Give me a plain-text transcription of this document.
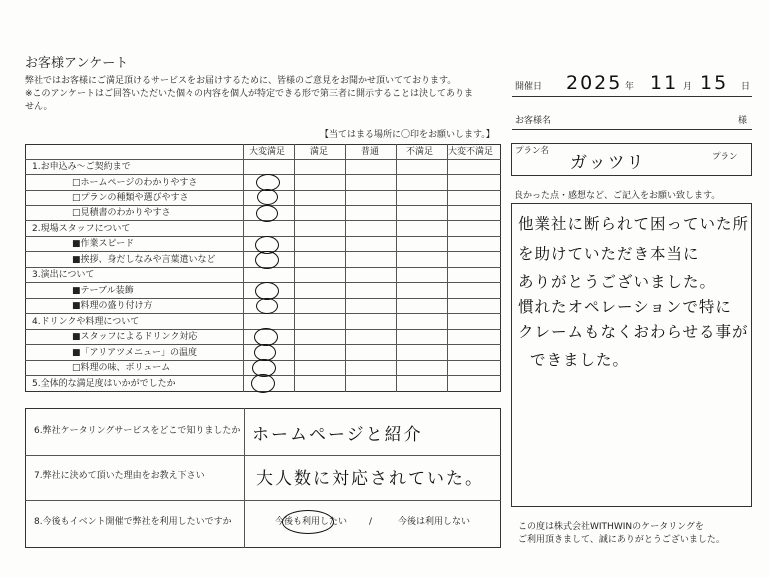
お客様アンケート
弊社ではお客様にご満足頂けるサービスをお届けするために、皆様のご意見をお聞かせ頂いてております。
※このアンケートはご回答いただいた個々の内容を個人が特定できる形で第三者に開示することは決してありま
せん。
【当てはまる場所に〇印をお願いします。】
大変満足	満足	普通	不満足 大変不満足
1.お申込み～ご契約まで
□ホームページのわかりやすさ
□プランの種類や選びやすさ
□見積書のわかりやすさ
2.現場スタッフについて
■作業スピード
■挨拶、身だしなみや言葉遣いなど
3.演出について
■テーブル装飾
■料理の盛り付け方
4.ドリンクや料理について
■スタッフによるドリンク対応
■「アリアツメニュー」の温度
□料理の味、ボリューム
5.全体的な満足度はいかがでしたか
6.弊社ケータリングサービスをどこで知りましたか ホームページと紹介
7.弊社に決めて頂いた理由をお教え下さい	大人数に対応されていた。
8.今後もイベント開催で弊社を利用したいですか	今後も利用したい /	今後は利用しない
開催日 2025 年 11 月 15 日
お客様名	様
プラン名
ガッツリ	プラン
良かった点・感想など、ご記入をお願い致します。
他業社に断られて困っていた所
を助けていただき本当に
ありがとうございました。
慣れたオペレーションで特に
クレームもなくおわらせる事が
できました。
この度は株式会社WITHWINのケータリングを
ご利用頂きまして、誠にありがとうございました。
